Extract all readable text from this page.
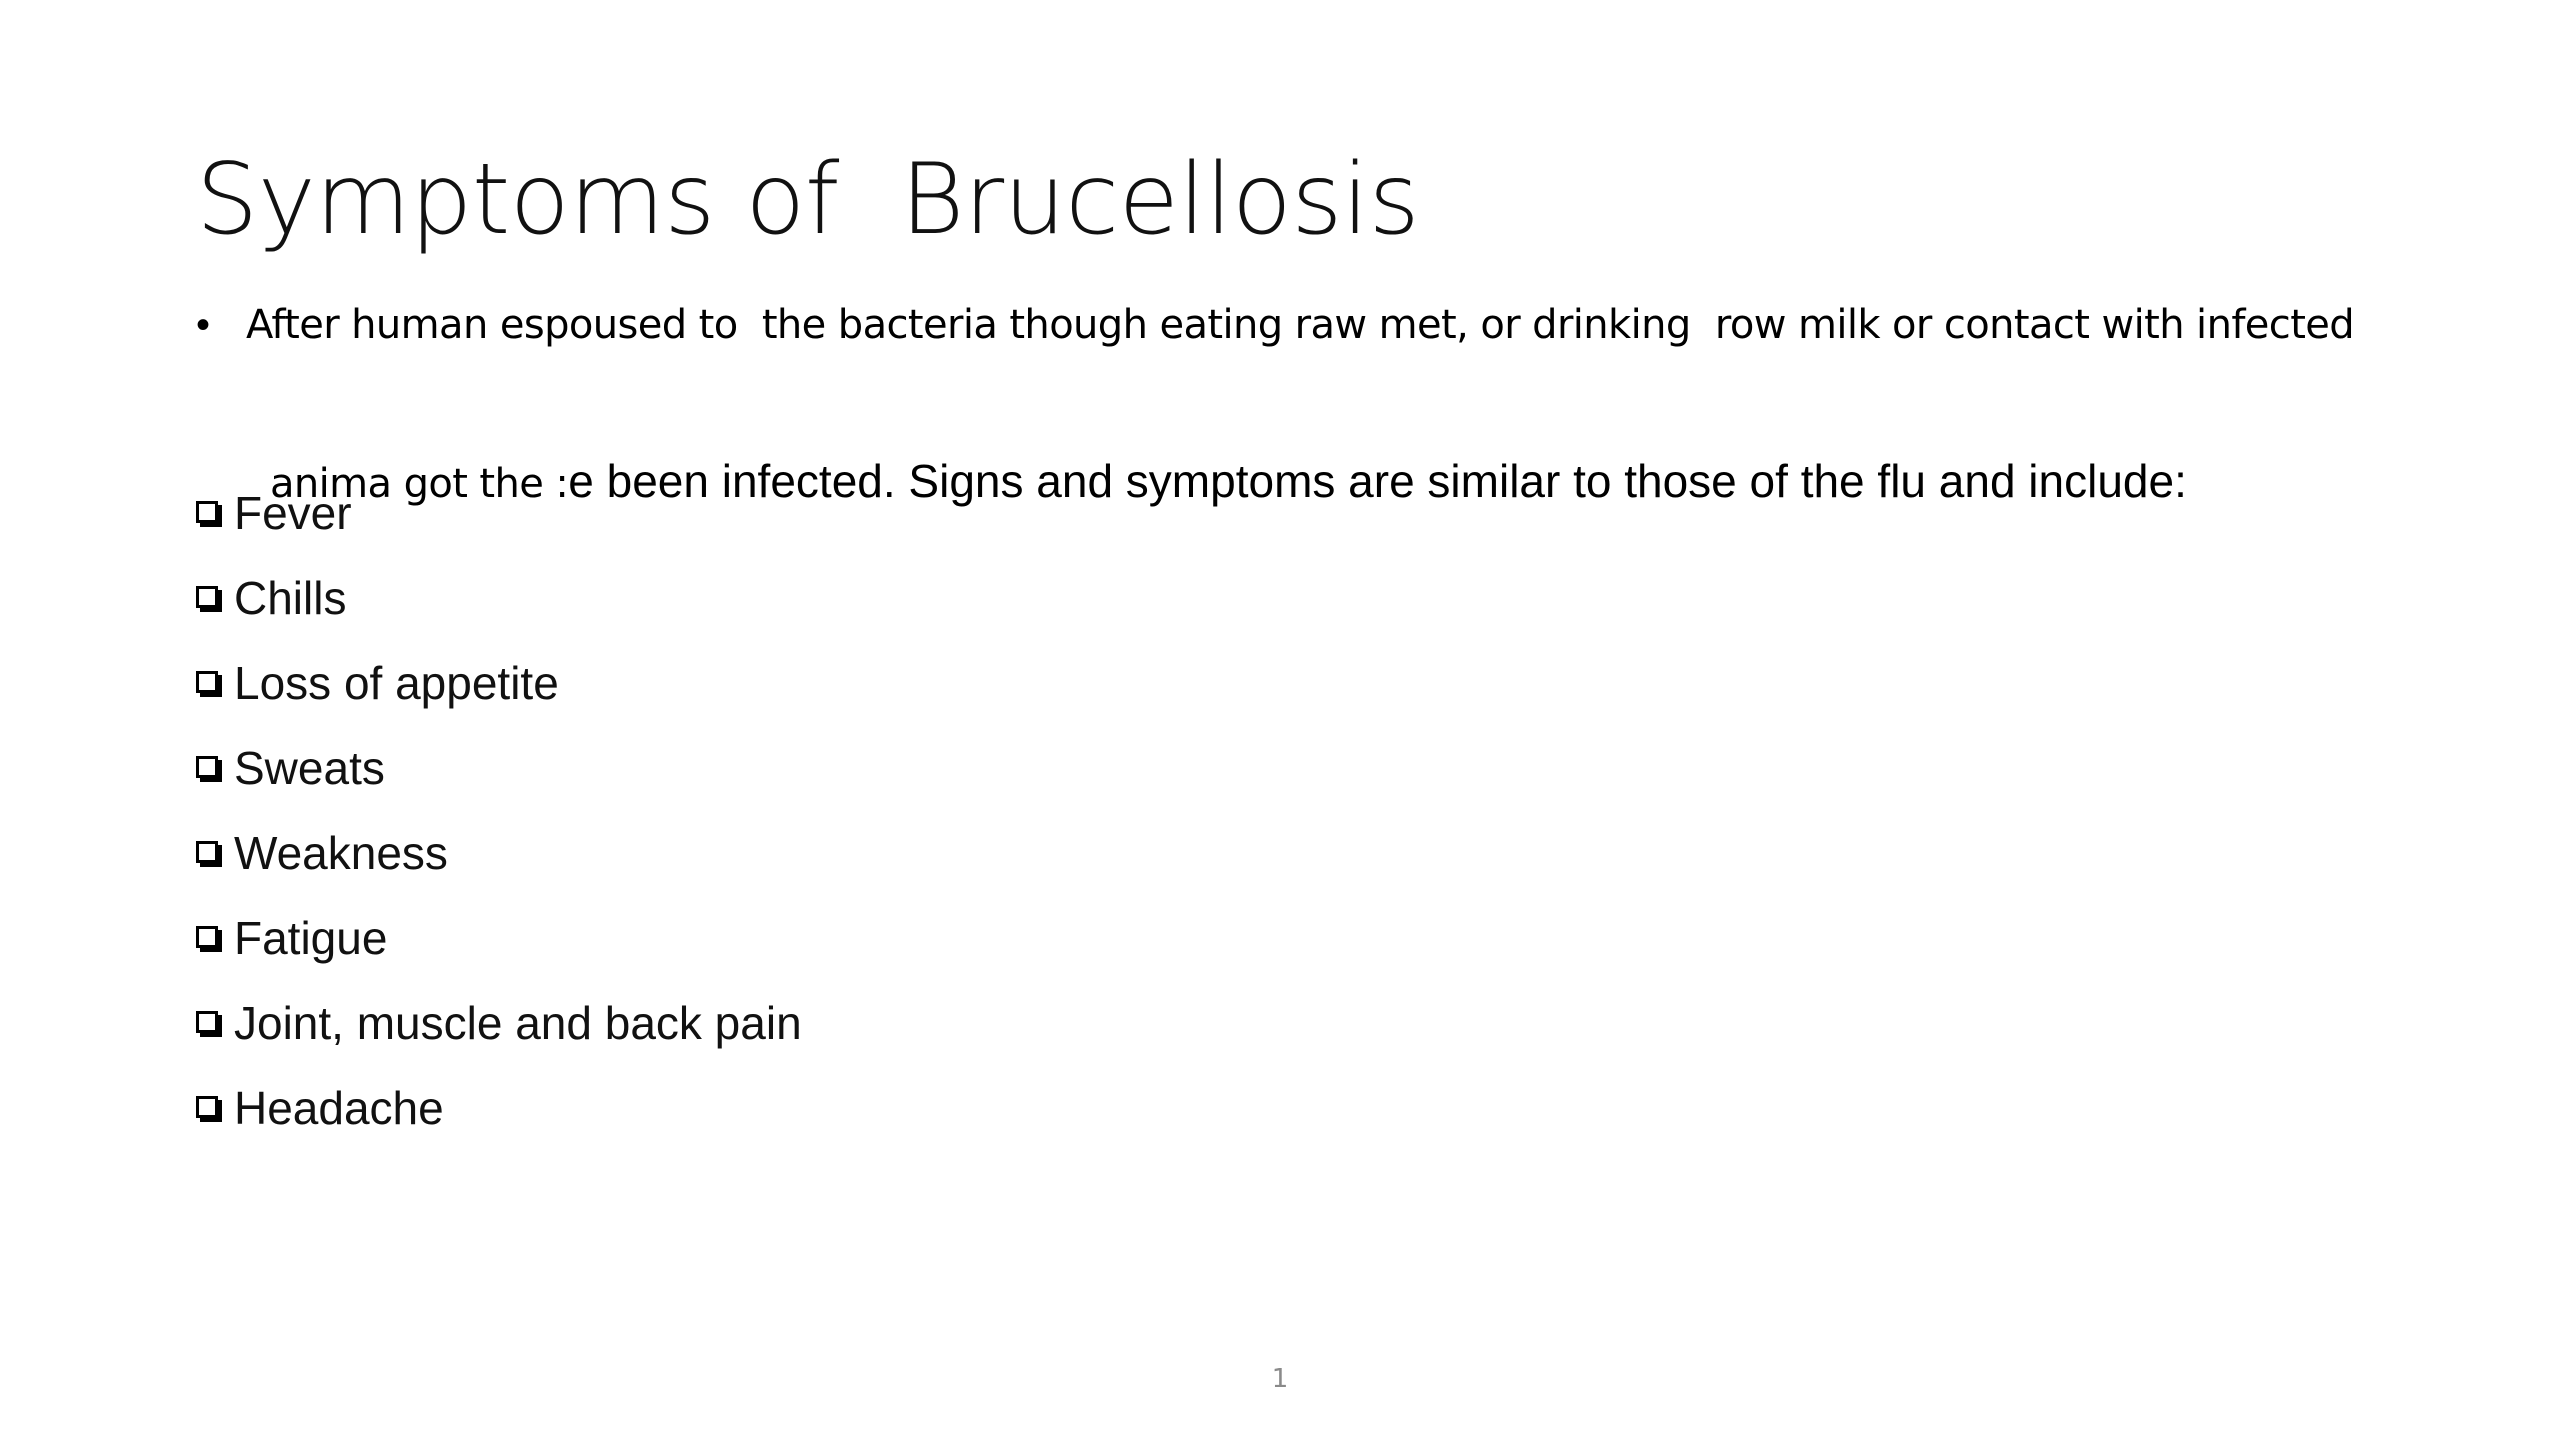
Symptoms of  Brucellosis
• After human espoused to  the bacteria though eating raw met, or drinking  row milk or contact with infected

anima got the :e been infected. Signs and symptoms are similar to those of the flu and include:

Fever
Chills
Loss of appetite
Sweats
Weakness
Fatigue
Joint, muscle and back pain
Headache
1
